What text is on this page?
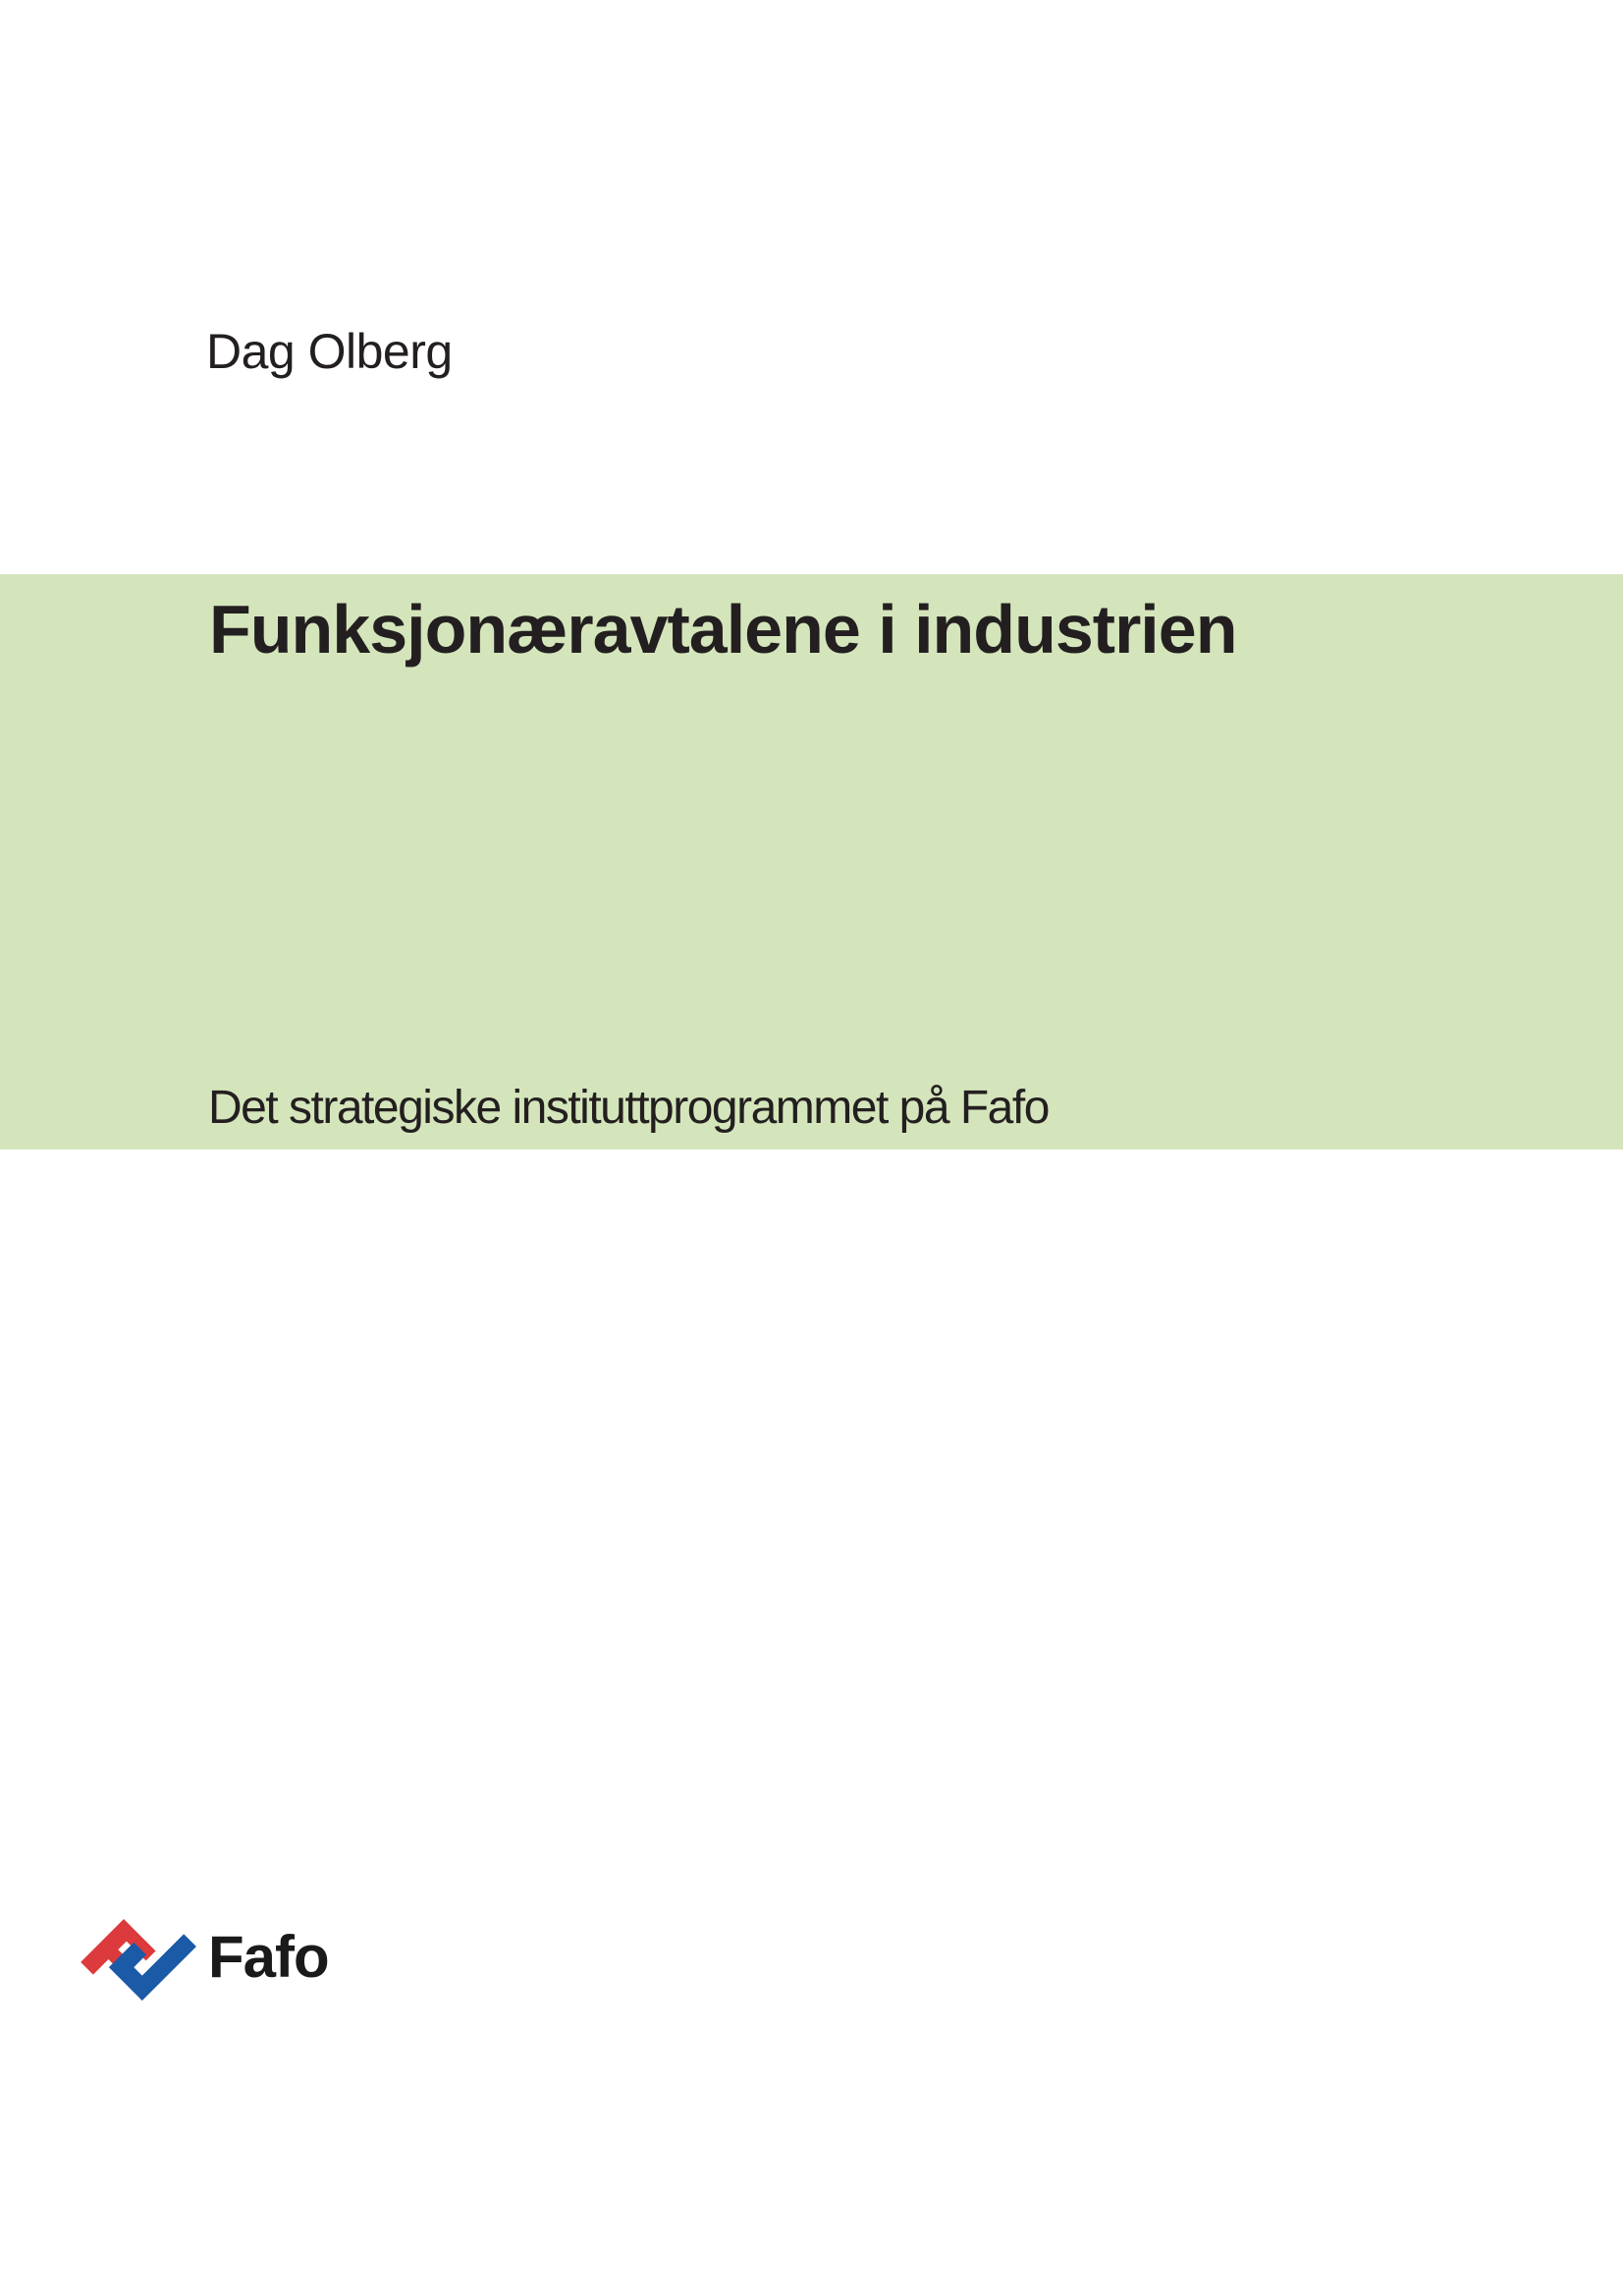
Dag Olberg
Funksjonæravtalene i industrien
Det strategiske instituttprogrammet på Fafo
Fafo
